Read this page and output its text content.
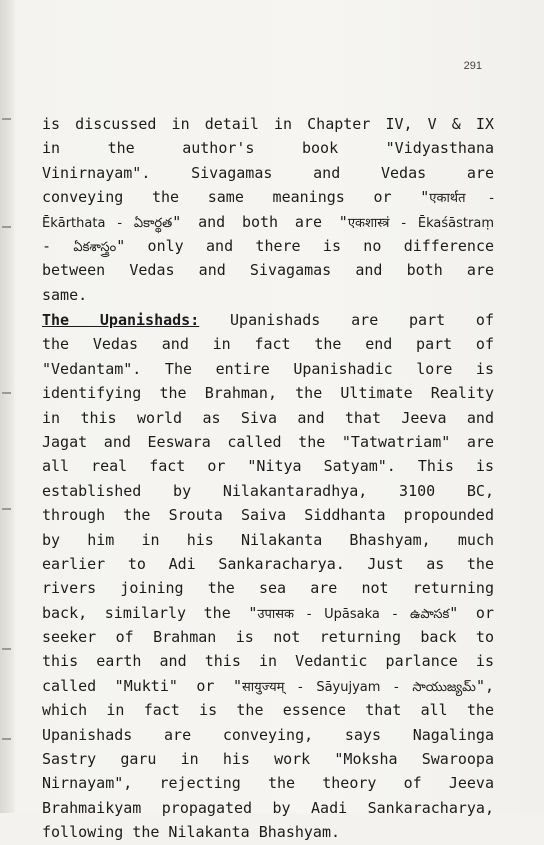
291
is discussed in detail in Chapter IV, V & IX
in the author's book "Vidyasthana
Vinirnayam". Sivagamas and Vedas are
conveying the same meanings or "एकार्थत -
Ēkārthata - ఏకార్థత" and both are "एकशास्त्रं - Ēkaśāstraṃ
- ఏకశాస్త్రం" only and there is no difference
between Vedas and Sivagamas and both are
same.
The Upanishads: Upanishads are part of
the Vedas and in fact the end part of
"Vedantam". The entire Upanishadic lore is
identifying the Brahman, the Ultimate Reality
in this world as Siva and that Jeeva and
Jagat and Eeswara called the "Tatwatriam" are
all real fact or "Nitya Satyam". This is
established by Nilakantaradhya, 3100 BC,
through the Srouta Saiva Siddhanta propounded
by him in his Nilakanta Bhashyam, much
earlier to Adi Sankaracharya. Just as the
rivers joining the sea are not returning
back, similarly the "उपासक - Upāsaka - ఉపాసక" or
seeker of Brahman is not returning back to
this earth and this in Vedantic parlance is
called "Mukti" or "सायुज्यम् - Sāyujyam - సాయుజ్యమ్",
which in fact is the essence that all the
Upanishads are conveying, says Nagalinga
Sastry garu in his work "Moksha Swaroopa
Nirnayam", rejecting the theory of Jeeva
Brahmaikyam propagated by Aadi Sankaracharya,
following the Nilakanta Bhashyam.
